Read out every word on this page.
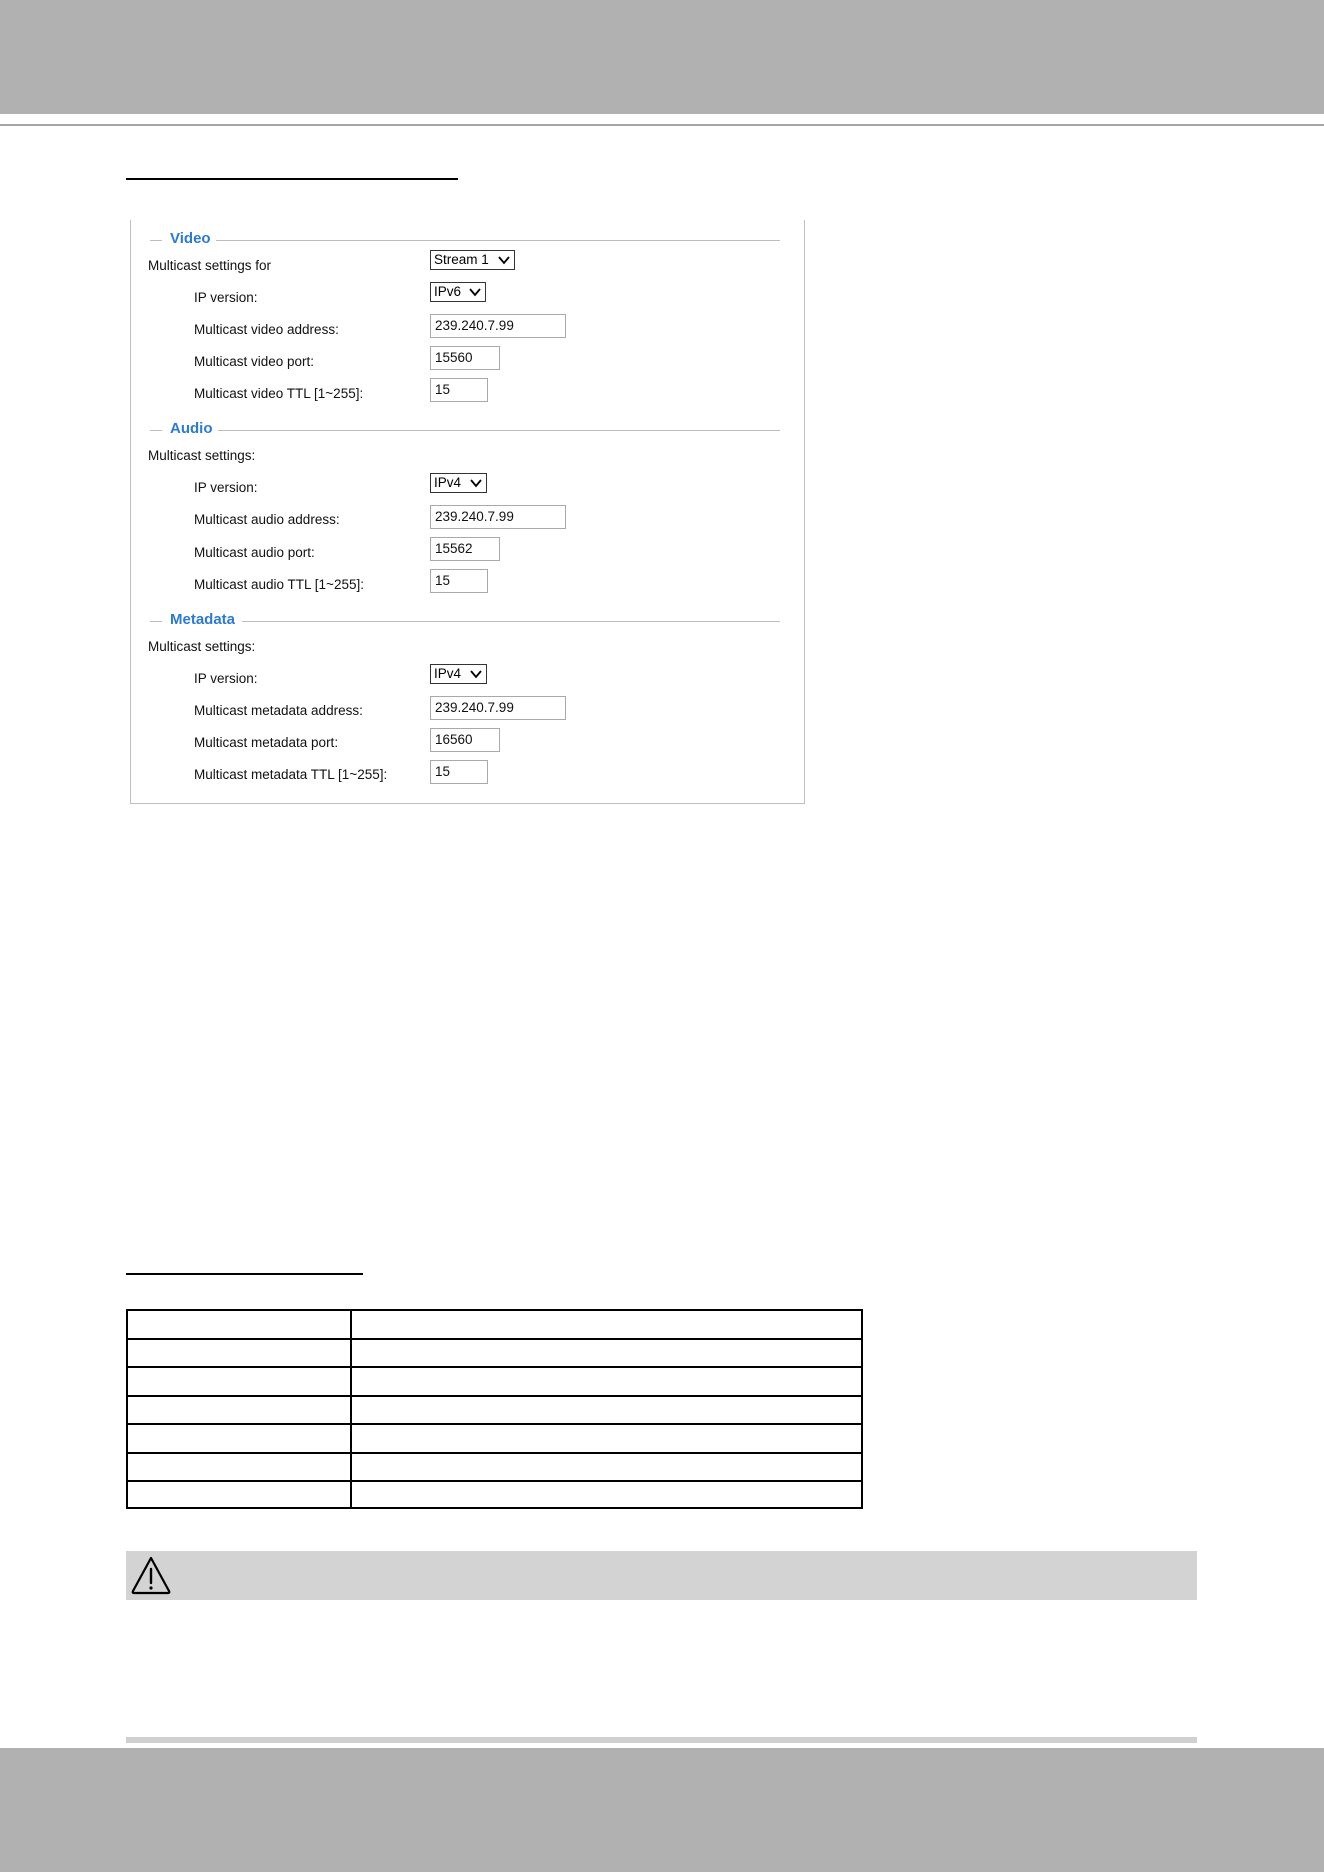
Video
Multicast settings for	Stream 1
IP version:	IPv6
Multicast video address:	239.240.7.99
Multicast video port:	15560
Multicast video TTL [1~255]:	15
Audio
Multicast settings:
IP version:	IPv4
Multicast audio address:	239.240.7.99
Multicast audio port:	15562
Multicast audio TTL [1~255]:	15
Metadata
Multicast settings:
IP version:	IPv4
Multicast metadata address:	239.240.7.99
Multicast metadata port:	16560
Multicast metadata TTL [1~255]:	15
